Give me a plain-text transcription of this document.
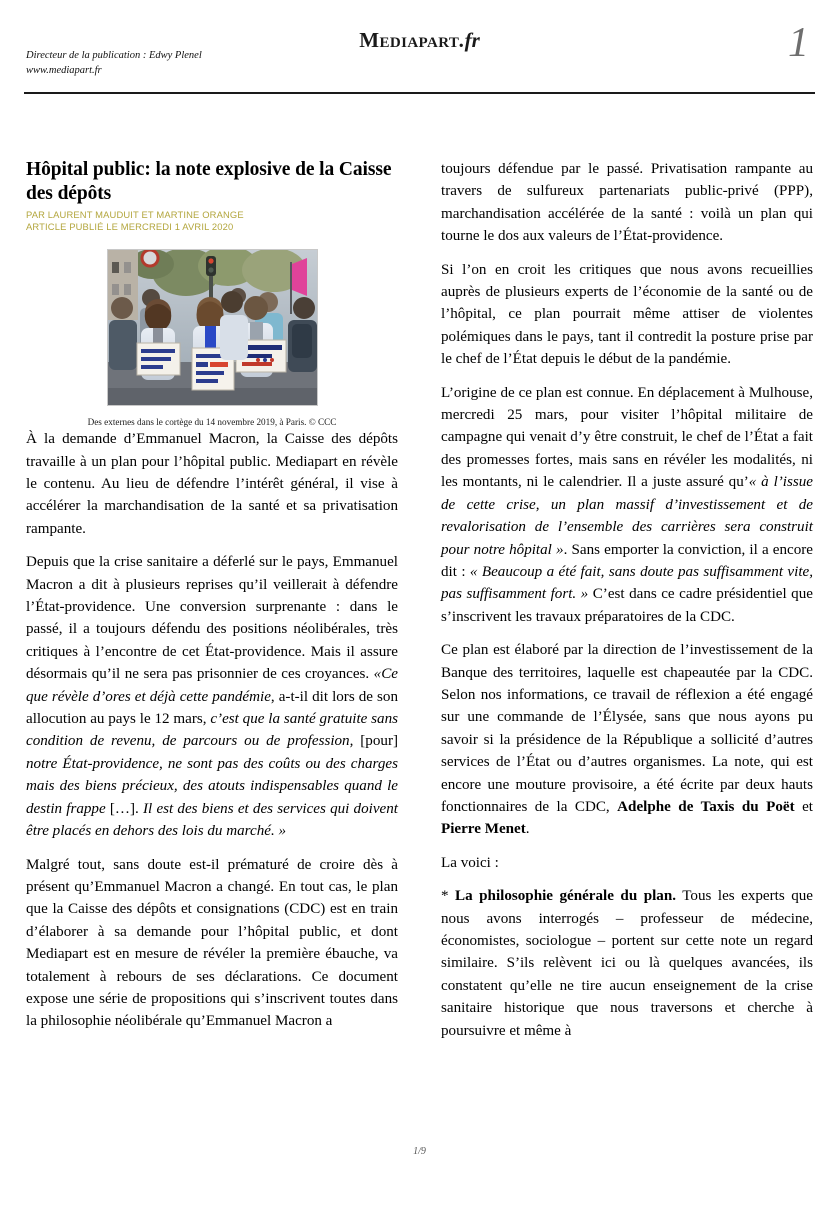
Directeur de la publication : Edwy Plenel
www.mediapart.fr
Mediapart.fr	1
Hôpital public: la note explosive de la Caisse des dépôts
PAR LAURENT MAUDUIT ET MARTINE ORANGE
ARTICLE PUBLIÉ LE MERCREDI 1 AVRIL 2020
Des externes dans le cortège du 14 novembre 2019, à Paris. © CCC

À la demande d’Emmanuel Macron, la Caisse des dépôts travaille à un plan pour l’hôpital public. Mediapart en révèle le contenu. Au lieu de défendre l’intérêt général, il vise à accélérer la marchandisation de la santé et sa privatisation rampante.

Depuis que la crise sanitaire a déferlé sur le pays, Emmanuel Macron a dit à plusieurs reprises qu’il veillerait à défendre l’État-providence. Une conversion surprenante : dans le passé, il a toujours défendu des positions néolibérales, très critiques à l’encontre de cet État-providence. Mais il assure désormais qu’il ne sera pas prisonnier de ces croyances. «Ce que révèle d’ores et déjà cette pandémie, a-t-il dit lors de son allocution au pays le 12 mars, c’est que la santé gratuite sans condition de revenu, de parcours ou de profession, [pour] notre État-providence, ne sont pas des coûts ou des charges mais des biens précieux, des atouts indispensables quand le destin frappe […]. Il est des biens et des services qui doivent être placés en dehors des lois du marché. »

Malgré tout, sans doute est-il prématuré de croire dès à présent qu’Emmanuel Macron a changé. En tout cas, le plan que la Caisse des dépôts et consignations (CDC) est en train d’élaborer à sa demande pour l’hôpital public, et dont Mediapart est en mesure de révéler la première ébauche, va totalement à rebours de ses déclarations. Ce document expose une série de propositions qui s’inscrivent toutes dans la philosophie néolibérale qu’Emmanuel Macron a

toujours défendue par le passé. Privatisation rampante au travers de sulfureux partenariats public-privé (PPP), marchandisation accélérée de la santé : voilà un plan qui tourne le dos aux valeurs de l’État-providence.

Si l’on en croit les critiques que nous avons recueillies auprès de plusieurs experts de l’économie de la santé ou de l’hôpital, ce plan pourrait même attiser de violentes polémiques dans le pays, tant il contredit la posture prise par le chef de l’État depuis le début de la pandémie.

L’origine de ce plan est connue. En déplacement à Mulhouse, mercredi 25 mars, pour visiter l’hôpital militaire de campagne qui venait d’y être construit, le chef de l’État a fait des promesses fortes, mais sans en révéler les modalités, ni les montants, ni le calendrier. Il a juste assuré qu’« à l’issue de cette crise, un plan massif d’investissement et de revalorisation de l’ensemble des carrières sera construit pour notre hôpital ». Sans emporter la conviction, il a encore dit : « Beaucoup a été fait, sans doute pas suffisamment vite, pas suffisamment fort. » C’est dans ce cadre présidentiel que s’inscrivent les travaux préparatoires de la CDC.

Ce plan est élaboré par la direction de l’investissement de la Banque des territoires, laquelle est chapeautée par la CDC. Selon nos informations, ce travail de réflexion a été engagé sur une commande de l’Élysée, sans que nous ayons pu savoir si la présidence de la République a sollicité d’autres services de l’État ou d’autres organismes. La note, qui est encore une mouture provisoire, a été écrite par deux hauts fonctionnaires de la CDC, Adelphe de Taxis du Poët et Pierre Menet.

La voici :

* La philosophie générale du plan. Tous les experts que nous avons interrogés – professeur de médecine, économistes, sociologue – portent sur cette note un regard similaire. S’ils relèvent ici ou là quelques avancées, ils constatent qu’elle ne tire aucun enseignement de la crise sanitaire historique que nous traversons et cherche à poursuivre et même à

1/9
